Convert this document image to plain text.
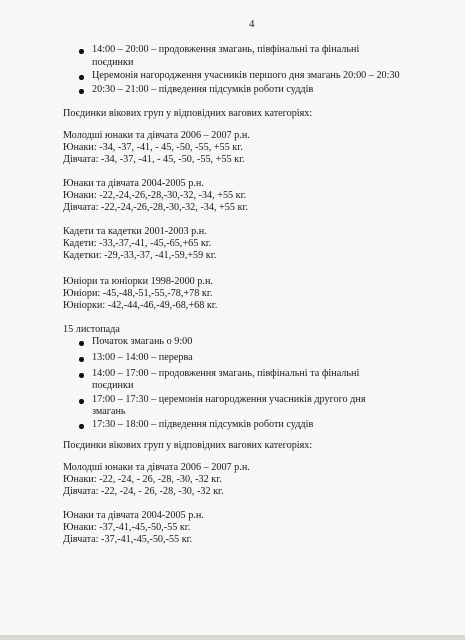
4
14:00 – 20:00 – продовження змагань, півфінальні та фінальні
поєдинки
Церемонія нагородження учасників першого дня змагань 20:00 – 20:30
20:30 – 21:00 – підведення підсумків роботи суддів
Поєдинки вікових груп у відповідних вагових категоріях:
Молодші юнаки та дівчата 2006 – 2007 р.н.
Юнаки: -34, -37, -41, - 45, -50, -55, +55 кг.
Дівчата: -34, -37, -41, - 45, -50, -55, +55 кг.
Юнаки та дівчата 2004-2005 р.н.
Юнаки: -22,-24,-26,-28,-30,-32, -34, +55 кг.
Дівчата: -22,-24,-26,-28,-30,-32, -34, +55 кг.
Кадети та кадетки 2001-2003 р.н.
Кадети: -33,-37,-41, -45,-65,+65 кг.
Кадетки: -29,-33,-37, -41,-59,+59 кг.
Юніори та юніорки 1998-2000 р.н.
Юніори: -45,-48,-51,-55,-78,+78 кг.
Юніорки: -42,-44,-46,-49,-68,+68 кг.
15 листопада
Початок змагань о 9:00
13:00 – 14:00 – перерва
14:00 – 17:00 – продовження змагань, півфінальні та фінальні
поєдинки
17:00 – 17:30 – церемонія нагородження учасників другого дня
змагань
17:30 – 18:00 – підведення підсумків роботи суддів
Поєдинки вікових груп у відповідних вагових категоріях:
Молодші юнаки та дівчата 2006 – 2007 р.н.
Юнаки: -22, -24, - 26, -28, -30, -32 кг.
Дівчата: -22, -24, - 26, -28, -30, -32 кг.
Юнаки та дівчата 2004-2005 р.н.
Юнаки: -37,-41,-45,-50,-55 кг.
Дівчата: -37,-41,-45,-50,-55 кг.
